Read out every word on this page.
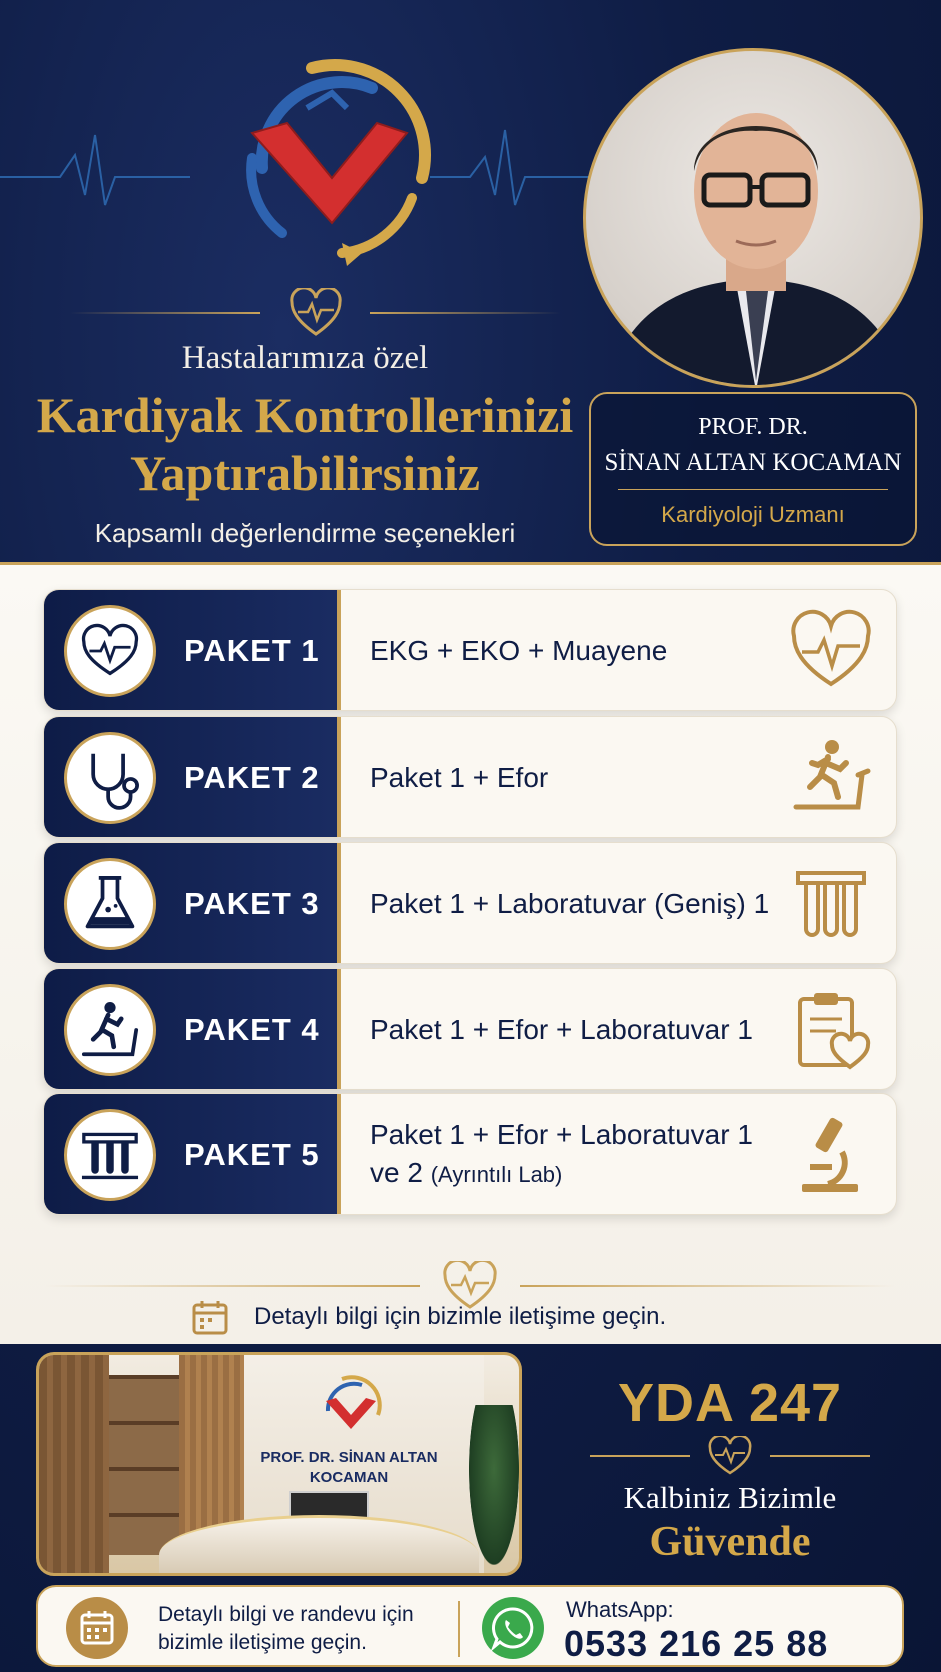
Hastalarımıza özel
Kardiyak Kontrollerinizi
Yaptırabilirsiniz
Kapsamlı değerlendirme seçenekleri
PROF. DR.
SİNAN ALTAN KOCAMAN
Kardiyoloji Uzmanı
PAKET 1 EKG + EKO + Muayene
PAKET 2 Paket 1 + Efor
PAKET 3 Paket 1 + Laboratuvar (Geniş) 1
PAKET 4 Paket 1 + Efor + Laboratuvar 1
PAKET 5
Paket 1 + Efor + Laboratuvar 1 ve 2 (Ayrıntılı Lab)
Detaylı bilgi için bizimle iletişime geçin.
PROF. DR. SİNAN ALTAN
KOCAMAN
YDA 247
Kalbiniz Bizimle
Güvende
Detaylı bilgi ve randevu için
bizimle iletişime geçin.
WhatsApp:
0533 216 25 88
